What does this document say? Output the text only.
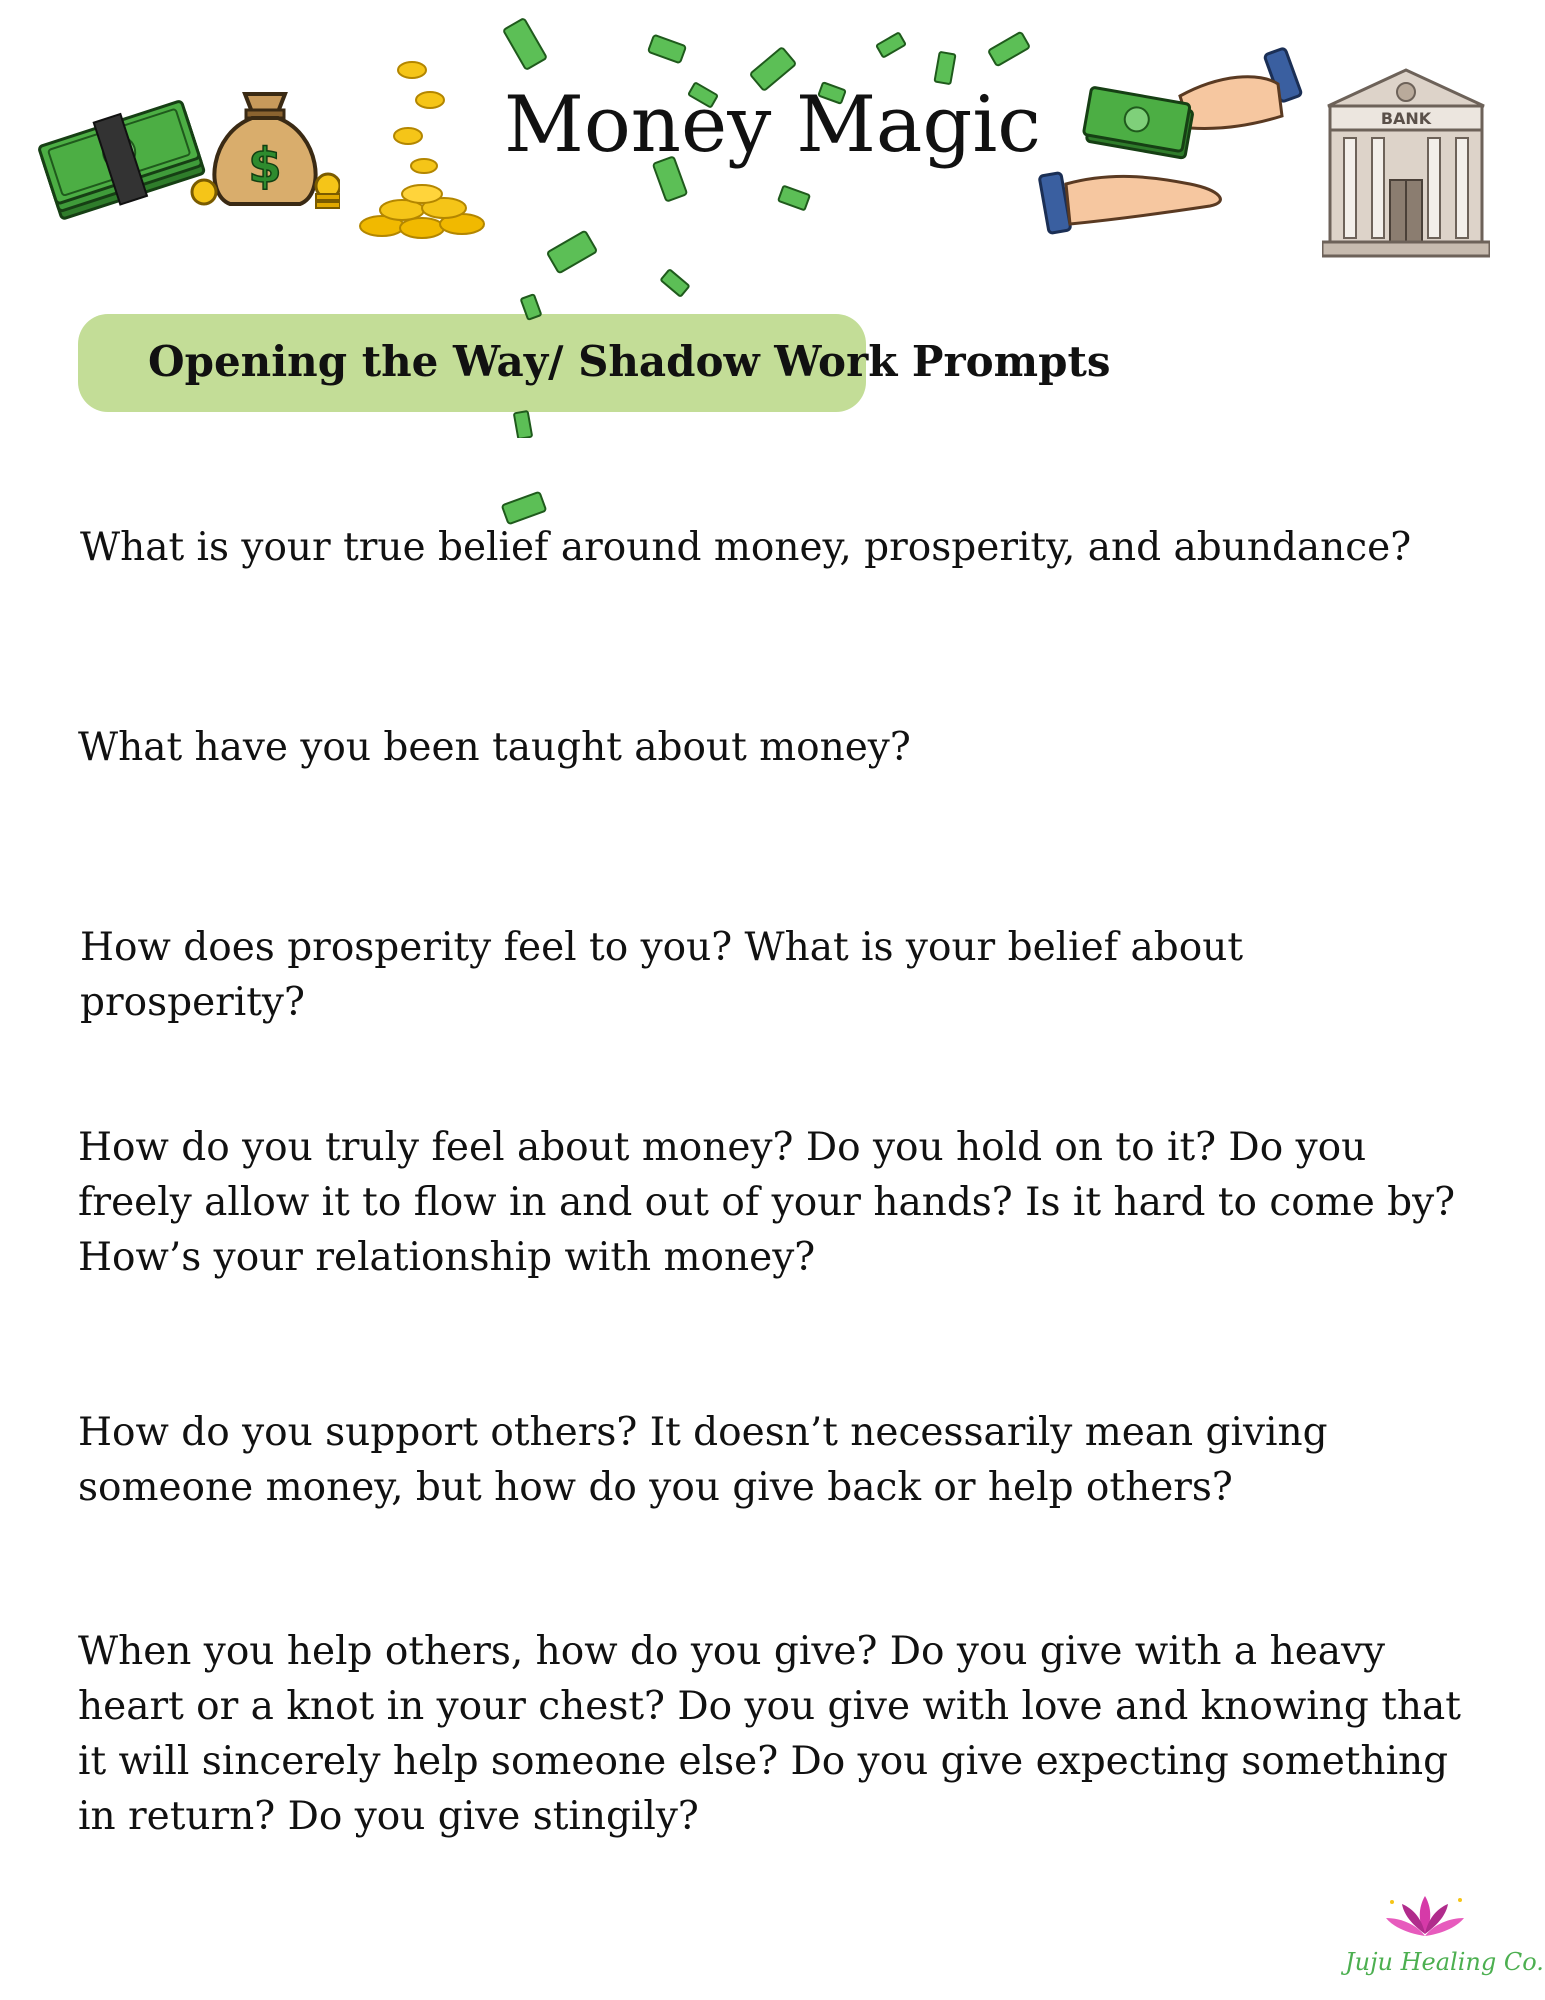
Money Magic
$
BANK
Opening the Way/ Shadow Work Prompts

What is your true belief around money, prosperity, and abundance?

What have you been taught about money?

How does prosperity feel to you? What is your belief about prosperity?

How do you truly feel about money? Do you hold on to it? Do you freely allow it to flow in and out of your hands? Is it hard to come by? How’s your relationship with money?

How do you support others? It doesn’t necessarily mean giving someone money, but how do you give back or help others?

When you help others, how do you give? Do you give with a heavy heart or a knot in your chest? Do you give with love and knowing that it will sincerely help someone else? Do you give expecting something in return? Do you give stingily?

Juju Healing Co.
